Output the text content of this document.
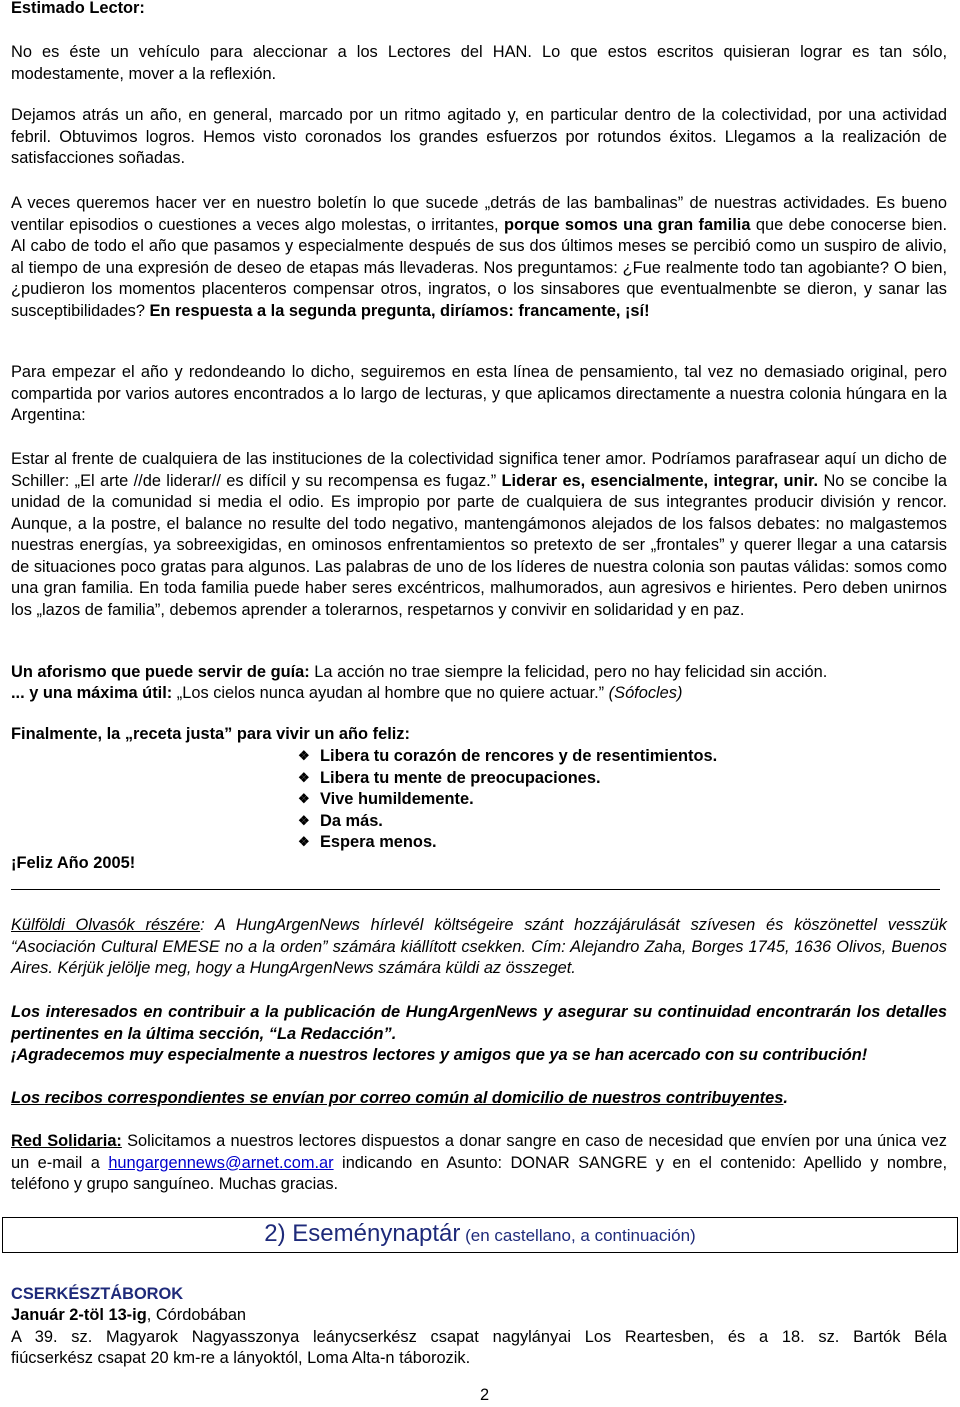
Estimado Lector:

No es éste un vehículo para aleccionar a los Lectores del HAN. Lo que estos escritos quisieran lograr es tan sólo, modestamente, mover a la reflexión.

Dejamos atrás un año, en general, marcado por un ritmo agitado y, en particular dentro de la colectividad, por una actividad febril. Obtuvimos logros. Hemos visto coronados los grandes esfuerzos por rotundos éxitos. Llegamos a la realización de satisfacciones soñadas.

A veces queremos hacer ver en nuestro boletín lo que sucede „detrás de las bambalinas” de nuestras actividades. Es bueno ventilar episodios o cuestiones a veces algo molestas, o irritantes, porque somos una gran familia que debe conocerse bien. Al cabo de todo el año que pasamos y especialmente después de sus dos últimos meses se percibió como un suspiro de alivio, al tiempo de una expresión de deseo de etapas más llevaderas. Nos preguntamos: ¿Fue realmente todo tan agobiante? O bien, ¿pudieron los momentos placenteros compensar otros, ingratos, o los sinsabores que eventualmenbte se dieron, y sanar las susceptibilidades? En respuesta a la segunda pregunta, diríamos: francamente, ¡sí!

Para empezar el año y redondeando lo dicho, seguiremos en esta línea de pensamiento, tal vez no demasiado original, pero compartida por varios autores encontrados a lo largo de lecturas, y que aplicamos directamente a nuestra colonia húngara en la Argentina:

Estar al frente de cualquiera de las instituciones de la colectividad significa tener amor. Podríamos parafrasear aquí un dicho de Schiller: „El arte //de liderar// es difícil y su recompensa es fugaz.” Liderar es, esencialmente, integrar, unir. No se concibe la unidad de la comunidad si media el odio. Es impropio por parte de cualquiera de sus integrantes producir división y rencor. Aunque, a la postre, el balance no resulte del todo negativo, mantengámonos alejados de los falsos debates: no malgastemos nuestras energías, ya sobreexigidas, en ominosos enfrentamientos so pretexto de ser „frontales” y querer llegar a una catarsis de situaciones poco gratas para algunos. Las palabras de uno de los líderes de nuestra colonia son pautas válidas: somos como una gran familia. En toda familia puede haber seres excéntricos, malhumorados, aun agresivos e hirientes. Pero deben unirnos los „lazos de familia”, debemos aprender a tolerarnos, respetarnos y convivir en solidaridad y en paz.

Un aforismo que puede servir de guía: La acción no trae siempre la felicidad, pero no hay felicidad sin acción.

... y una máxima útil: „Los cielos nunca ayudan al hombre que no quiere actuar.” (Sófocles)

Finalmente, la „receta justa” para vivir un año feliz:

❖ Libera tu corazón de rencores y de resentimientos.
❖ Libera tu mente de preocupaciones.
❖ Vive humildemente.
❖ Da más.
❖ Espera menos.

¡Feliz Año 2005!

Külföldi Olvasók részére: A HungArgenNews hírlevél költségeire szánt hozzájárulását szívesen és köszönettel vesszük “Asociación Cultural EMESE no a la orden” számára kiállított csekken. Cím: Alejandro Zaha, Borges 1745, 1636 Olivos, Buenos Aires. Kérjük jelölje meg, hogy a HungArgenNews számára küldi az összeget.

Los interesados en contribuir a la publicación de HungArgenNews y asegurar su continuidad encontrarán los detalles pertinentes en la última sección, “La Redacción”.

¡Agradecemos muy especialmente a nuestros lectores y amigos que ya se han acercado con su contribución!

Los recibos correspondientes se envían por correo común al domicilio de nuestros contribuyentes.

Red Solidaria: Solicitamos a nuestros lectores dispuestos a donar sangre en caso de necesidad que envíen por una única vez un e-mail a hungargennews@arnet.com.ar indicando en Asunto: DONAR SANGRE y en el contenido: Apellido y nombre, teléfono y grupo sanguíneo. Muchas gracias.

2) Eseménynaptár (en castellano, a continuación)

CSERKÉSZTÁBOROK

Január 2-töl 13-ig, Córdobában

A 39. sz. Magyarok Nagyasszonya leánycserkész csapat nagylányai Los Reartesben, és a 18. sz. Bartók Béla

fiúcserkész csapat 20 km-re a lányoktól, Loma Alta-n táborozik.

2
